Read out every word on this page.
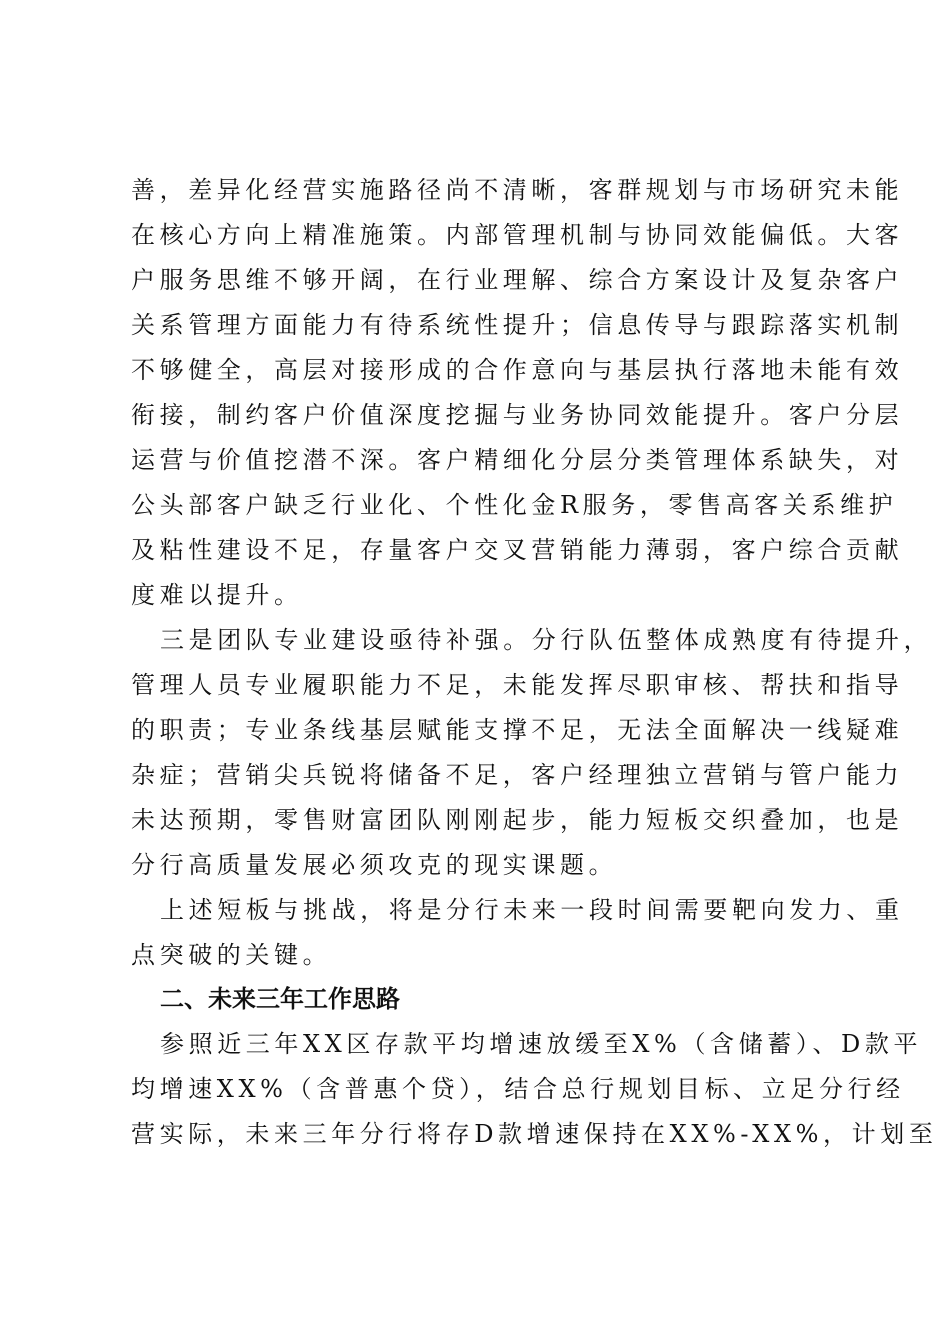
善，差异化经营实施路径尚不清晰，客群规划与市场研究未能
在核心方向上精准施策。内部管理机制与协同效能偏低。大客
户服务思维不够开阔，在行业理解、综合方案设计及复杂客户
关系管理方面能力有待系统性提升；信息传导与跟踪落实机制
不够健全，高层对接形成的合作意向与基层执行落地未能有效
衔接，制约客户价值深度挖掘与业务协同效能提升。客户分层
运营与价值挖潜不深。客户精细化分层分类管理体系缺失，对
公头部客户缺乏行业化、个性化金R服务，零售高客关系维护
及粘性建设不足，存量客户交叉营销能力薄弱，客户综合贡献
度难以提升。
三是团队专业建设亟待补强。分行队伍整体成熟度有待提升，
管理人员专业履职能力不足，未能发挥尽职审核、帮扶和指导
的职责；专业条线基层赋能支撑不足，无法全面解决一线疑难
杂症；营销尖兵锐将储备不足，客户经理独立营销与管户能力
未达预期，零售财富团队刚刚起步，能力短板交织叠加，也是
分行高质量发展必须攻克的现实课题。
上述短板与挑战，将是分行未来一段时间需要靶向发力、重
点突破的关键。
二、未来三年工作思路
参照近三年XX区存款平均增速放缓至X%（含储蓄）、D款平
均增速XX%（含普惠个贷），结合总行规划目标、立足分行经
营实际，未来三年分行将存D款增速保持在XX%-XX%，计划至
